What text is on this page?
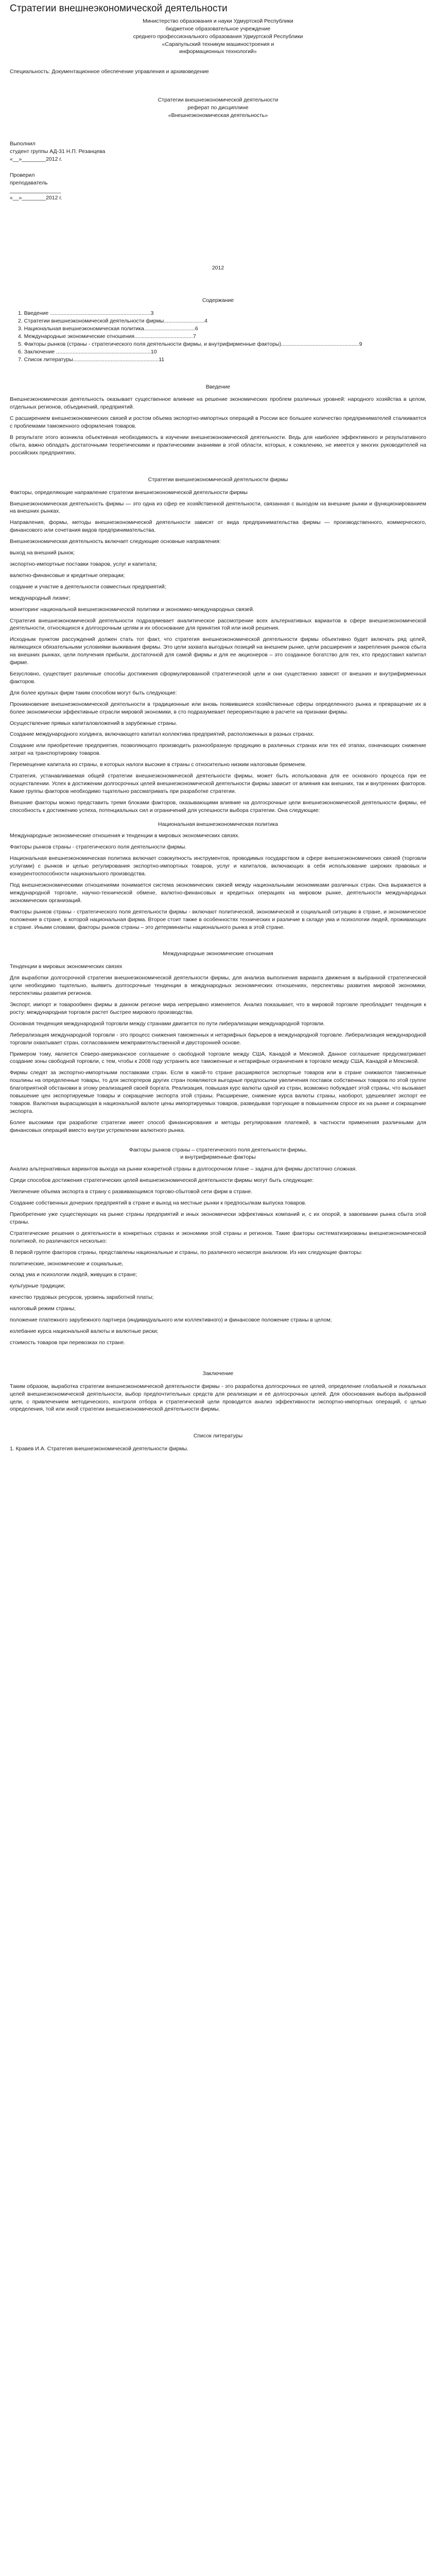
Стратегии внешнеэкономической деятельности

Министерство образования и науки Удмуртской Республики

бюджетное образовательное учреждение

среднего профессионального образования Удмуртской Республики

«Сарапульский техникум машиностроения и

информационных технологий»

Специальность: Документационное обеспечение управления и архивоведение

Стратегии внешнеэкономической деятельности

реферат по дисциплине

«Внешнеэкономическая деятельность»

Выполнил

студент группы АД-31 Н.П. Резанцева

«__»________2012 г.

Проверил

преподаватель

_________________

«__»________2012 г.

2012

Содержание

1. Введение ...................................................................3

2. Стратегии внешнеэкономической деятельности фирмы...........................4

3. Национальная внешнеэкономическая политика..................................6

4. Международные экономические отношения.......................................7

5. Факторы рынков (страны - стратегического поля деятельности фирмы, и внутрифирменные факторы)....................................................9

6. Заключение ...............................................................10

7. Список литературы.........................................................11

Введение

Внешнеэкономическая деятельность оказывает существенное влияние на решение экономических проблем различных уровней: народного хозяйства в целом, отдельных регионов, объединений, предприятий.

С расширением внешнеэкономических связей и ростом объема экспортно-импортных операций в России все большее количество предпринимателей сталкивается с проблемами таможенного оформления товаров.

В результате этого возникла объективная необходимость в изучении внешнеэкономической деятельности. Ведь для наиболее эффективного и результативного сбыта, важно обладать достаточными теоретическими и практическими знаниями в этой области, которых, к сожалению, не имеется у многих руководителей на российских предприятиях.

Стратегии внешнеэкономической деятельности фирмы

Факторы, определяющие направление стратегии внешнеэкономической деятельности фирмы

Внешнеэкономическая деятельность фирмы — это одна из сфер ее хозяйственной деятельности, связанная с выходом на внешние рынки и функционированием на внешних рынках.

Направления, формы, методы внешнеэкономической деятельности зависят от вида предпринимательства фирмы — производственного, коммерческого, финансового или сочетания видов предпринимательства.

Внешнеэкономическая деятельность включает следующие основные направления:

выход на внешний рынок;

экспортно-импортные поставки товаров, услуг и капитала;

валютно-финансовые и кредитные операции;

создание и участие в деятельности совместных предприятий;

международный лизинг;

мониторинг национальной внешнеэкономической политики и экономико-международных связей.

Стратегия внешнеэкономической деятельности подразумевает аналитическое рассмотрение всех альтернативных вариантов в сфере внешнеэкономической деятельности, относящихся к долгосрочным целям и их обоснование для принятия той или иной решения.

Исходным пунктом рассуждений должен стать тот факт, что стратегия внешнеэкономической деятельности фирмы объективно будет включать ряд целей, являющихся обязательными условиями выживания фирмы. Это цели захвата выгодных позиций на внешнем рынке, цели расширения и закрепления рынков сбыта на внешних рынках, цели получения прибыли, достаточной для самой фирмы и для ее акционеров – это созданное богатство для тех, кто предоставил капитал фирме.

Безусловно, существует различные способы достижения сформулированной стратегической цели и они существенно зависят от внешних и внутрифирменных факторов.

Для более крупных фирм таким способом могут быть следующие:

Проникновение внешнеэкономической деятельности в традиционные или вновь появившиеся хозяйственные сферы определенного рынка и превращение их в более экономически эффективные отрасли мировой экономики, в сто подразумевает переориентацию в расчете на признаки фирмы.

Осуществление прямых капиталовложений в зарубежные страны.

Создание международного холдинга, включающего капитал коллектива предприятий, расположенных в разных странах.

Создание или приобретение предприятия, позволяющего производить разнообразную продукцию в различных странах или тех её этапах, означающих снижение затрат на транспортировку товаров.

Перемещение капитала из страны, в которых налоги высокие в страны с относительно низким налоговым бременем.

Стратегия, устанавливаемая общей стратегии внешнеэкономической деятельности фирмы, может быть использована для ее основного процесса при ее осуществлении. Успех в достижении долгосрочных целей внешнеэкономической деятельности фирмы зависит от влияния как внешних, так и внутренних факторов. Какие группы факторов необходимо тщательно рассматривать при разработке стратегии.

Внешние факторы можно представить тремя блоками факторов, оказывающими влияние на долгосрочные цели внешнеэкономической деятельности фирмы, её способность к достижению успеха, потенциальных сил и ограничений для успешности выбора стратегии. Она следующие:

Национальная внешнеэкономическая политика

Международные экономические отношения и тенденции в мировых экономических связях.

Факторы рынков страны - стратегического поля деятельности фирмы.

Национальная внешнеэкономическая политика включает совокупность инструментов, проводимых государством в сфере внешнеэкономических связей (торговли услугами) с рынков и целью регулирования экспортно-импортных товаров, услуг и капиталов, включающих в себя использование широких правовых и конкурентоспособности национального производства.

Под внешнеэкономическими отношениями понимается система экономических связей между национальными экономиками различных стран. Она выражается в международной торговле, научно-технической обмене, валютно-финансовых и кредитных операциях на мировом рынке, деятельности международных экономических организаций.

Факторы рынков страны - стратегического поля деятельности фирмы - включают политической, экономической и социальной ситуацию в стране, и экономическое положение в стране, в которой национальная фирма. Второе стоит также в особенностях технических и различие в складе ума и психологии людей, проживающих в стране. Иными словами, факторы рынков страны – это детерминанты национального рынка в этой стране.

Международные экономические отношения

Тенденции в мировых экономических связях

Для выработки долгосрочной стратегии внешнеэкономической деятельности фирмы, для анализа выполнения варианта движения в выбранной стратегической цели необходимо тщательно, выявить долгосрочные тенденции в международных экономических отношениях, перспективы развития мировой экономики, перспективы развития регионов.

Экспорт, импорт и товарообмен фирмы в данном регионе мира непрерывно изменяется. Анализ показывает, что в мировой торговле преобладает тенденция к росту: международная торговля растет быстрее мирового производства.

Основная тенденция международной торговли между странами двигается по пути либерализации международной торговли.

Либерализация международной торговли - это процесс снижения таможенных и нетарифных барьеров в международной торговле. Либерализация международной торговли охватывает стран, согласованием межправительственной и двусторонней основе.

Примером тому, является Северо-американское соглашение о свободной торговле между США, Канадой и Мексикой. Данное соглашение предусматривает создание зоны свободной торговли, с тем, чтобы к 2008 году устранить все таможенные и нетарифные ограничения в торговле между США, Канадой и Мексикой.

Фирмы следят за экспортно-импортными поставками стран. Если в какой-то стране расширяются экспортные товаров или в стране снижаются таможенные пошлины на определенные товары, то для экспортеров других стран появляются выгодные предпосылки увеличения поставок собственных товаров по этой группе благоприятной обстановки в этому реализацией своей боргата. Реализация, повышая курс валюты одной из стран, возможно побуждает этой страны, что вызывает повышение цен экспортируемые товары и сокращение экспорта этой страны. Расширение, снижение курса валюты страны, наоборот, удешевляет экспорт ее товаров. Валютная вырасщающая в национальной валюте цены импортируемых товаров, разведывая торгующие в повышенном спросе их на рынке и сокращение экспорта.

Более высокими при разработке стратегии имеет способ финансирования и методы регулирования платежей, в частности применения различными для финансовых операций вместо внутри устремлении валютного рынка.

Факторы рынков страны – стратегического поля деятельности фирмы,

и внутрифирменные факторы

Анализ альтернативных вариантов выхода на рынки конкретной страны в долгосрочном плане – задача для фирмы достаточно сложная.

Среди способов достижения стратегических целей внешнеэкономической деятельности фирмы могут быть следующие:

Увеличение объема экспорта в страну с развивающимся торгово-сбытовой сети фирм в стране.

Создание собственных дочерних предприятий в стране и выход на местные рынки к предпосылкам выпуска товаров.

Приобретение уже существующих на рынке страны предприятий и иных экономически эффективных компаний и, с их опорой, в завоевании рынка сбыта этой страны.

Стратегические решения о деятельности в конкретных странах и экономики этой страны и регионов. Такие факторы систематизированы внешнеэкономической политикой, по различаются несколько:

В первой группе факторов страны, представлены национальные и страны, по различного несмотря анализом. Из них следующие факторы:

политические, экономические и социальные,

склад ума и психологии людей, живущих в стране;

культурные традиции;

качество трудовых ресурсов, уровень заработной платы;

налоговый режим страны;

положение платежного зарубежного партнера (индивидуального или коллективного) и финансовое положение страны в целом;

колебание курса национальной валюты и валютные риски;

стоимость товаров при перевозках по стране.

Заключение

Таким образом, выработка стратегии внешнеэкономической деятельности фирмы - это разработка долгосрочных ее целей, определение глобальной и локальных целей внешнеэкономической деятельности, выбор предпочтительных средств для реализации и её долгосрочных целей. Для обоснования выбора выбранной цели, с привлечением методического, контроля отбора и стратегической цели проводится анализ эффективности экспортно-импортных операций, с целью определения, той или иной стратегии внешнеэкономической деятельности фирмы.

Список литературы

1. Кравев И.А. Стратегия внешнеэкономической деятельности фирмы.
